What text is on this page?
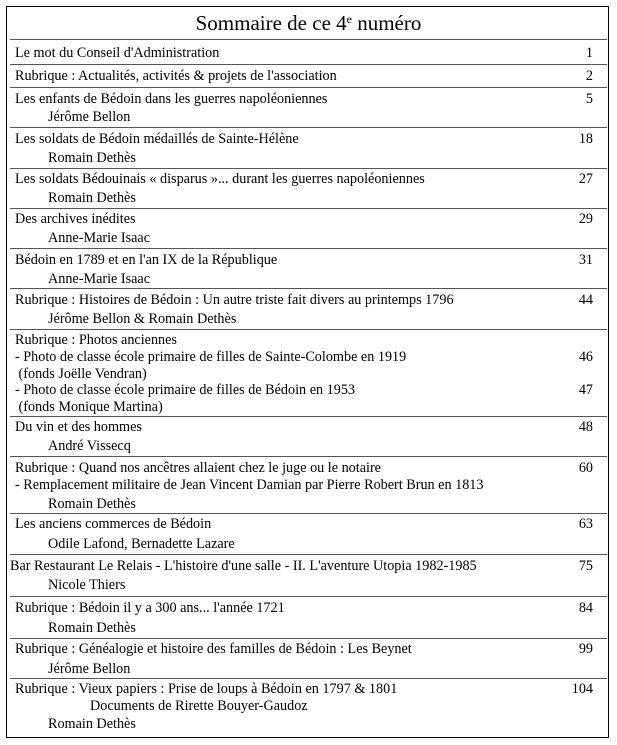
Sommaire de ce 4e numéro
Le mot du Conseil d'Administration	1
Rubrique : Actualités, activités & projets de l'association	2
Les enfants de Bédoin dans les guerres napoléoniennes	5
Jérôme Bellon
Les soldats de Bédoin médaillés de Sainte-Hélène	18
Romain Dethès
Les soldats Bédouinais « disparus »... durant les guerres napoléoniennes	27
Romain Dethès
Des archives inédites	29
Anne-Marie Isaac
Bédoin en 1789 et en l'an IX de la République	31
Anne-Marie Isaac
Rubrique : Histoires de Bédoin : Un autre triste fait divers au printemps 1796	44
Jérôme Bellon & Romain Dethès
Rubrique : Photos anciennes
- Photo de classe école primaire de filles de Sainte-Colombe en 1919	46
(fonds Joëlle Vendran)
- Photo de classe école primaire de filles de Bédoin en 1953	47
(fonds Monique Martina)
Du vin et des hommes	48
André Vissecq
Rubrique : Quand nos ancêtres allaient chez le juge ou le notaire	60
- Remplacement militaire de Jean Vincent Damian par Pierre Robert Brun en 1813
Romain Dethès
Les anciens commerces de Bédoin	63
Odile Lafond, Bernadette Lazare
Bar Restaurant Le Relais - L'histoire d'une salle - II. L'aventure Utopia 1982-1985	75
Nicole Thiers
Rubrique : Bédoin il y a 300 ans... l'année 1721	84
Romain Dethès
Rubrique : Généalogie et histoire des familles de Bédoin : Les Beynet	99
Jérôme Bellon
Rubrique : Vieux papiers : Prise de loups à Bédoin en 1797 & 1801	104
Documents de Rirette Bouyer-Gaudoz
Romain Dethès
